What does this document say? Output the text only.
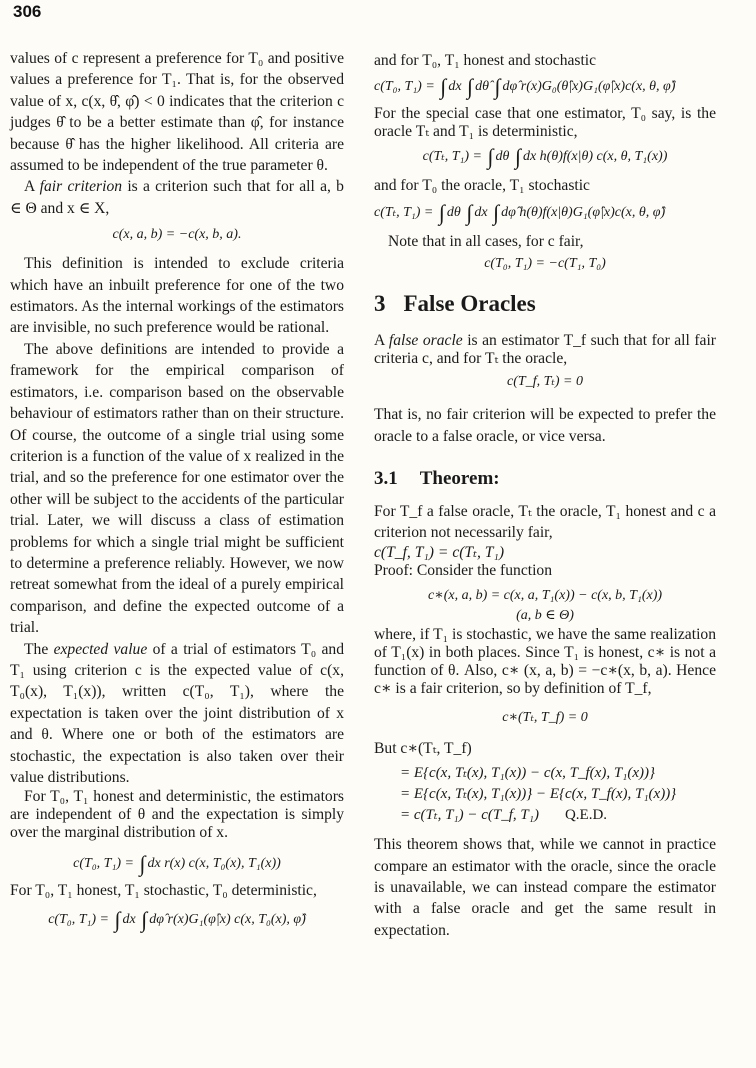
306

values of c represent a preference for T₀ and positive values a preference for T₁. That is, for the observed value of x, c(x, θ̂, φ̂) < 0 indicates that the criterion c judges θ̂ to be a better estimate than φ̂, for instance because θ̂ has the higher likelihood. All criteria are assumed to be independent of the true parameter θ.

A fair criterion is a criterion such that for all a, b ∈ Θ and x ∈ X,

c(x, a, b) = −c(x, b, a).

This definition is intended to exclude criteria which have an inbuilt preference for one of the two estimators. As the internal workings of the estimators are invisible, no such preference would be rational.

The above definitions are intended to provide a framework for the empirical comparison of estimators, i.e. comparison based on the observable behaviour of estimators rather than on their structure. Of course, the outcome of a single trial using some criterion is a function of the value of x realized in the trial, and so the preference for one estimator over the other will be subject to the accidents of the particular trial. Later, we will discuss a class of estimation problems for which a single trial might be sufficient to determine a preference reliably. However, we now retreat somewhat from the ideal of a purely empirical comparison, and define the expected outcome of a trial.

The expected value of a trial of estimators T₀ and T₁ using criterion c is the expected value of c(x, T₀(x), T₁(x)), written c(T₀, T₁), where the expectation is taken over the joint distribution of x and θ. Where one or both of the estimators are stochastic, the expectation is also taken over their value distributions.

For T₀, T₁ honest and deterministic, the estimators are independent of θ and the expectation is simply over the marginal distribution of x.

c(T₀, T₁) = ∫ dx r(x) c(x, T₀(x), T₁(x))

For T₀, T₁ honest, T₁ stochastic, T₀ deterministic,

c(T₀, T₁) = ∫ dx ∫ dφ̂ r(x)G₁(φ̂|x) c(x, T₀(x), φ̂)

and for T₀, T₁ honest and stochastic

c(T₀, T₁) = ∫ dx ∫ dθ̂ ∫ dφ̂ r(x)G₀(θ̂|x)G₁(φ̂|x)c(x, θ, φ̂)

For the special case that one estimator, T₀ say, is the oracle Tₜ and T₁ is deterministic,

c(Tₜ, T₁) = ∫ dθ ∫ dx h(θ)f(x|θ) c(x, θ, T₁(x))

and for T₀ the oracle, T₁ stochastic

c(Tₜ, T₁) = ∫ dθ ∫ dx ∫ dφ̂ h(θ)f(x|θ)G₁(φ̂|x)c(x, θ, φ̂)

Note that in all cases, for c fair,

c(T₀, T₁) = −c(T₁, T₀)
3 False Oracles

A false oracle is an estimator T_f such that for all fair criteria c, and for Tₜ the oracle,

c(T_f, Tₜ) = 0

That is, no fair criterion will be expected to prefer the oracle to a false oracle, or vice versa.

3.1 Theorem:

For T_f a false oracle, Tₜ the oracle, T₁ honest and c a criterion not necessarily fair,

c(T_f, T₁) = c(Tₜ, T₁)

Proof: Consider the function

c∗(x, a, b) = c(x, a, T₁(x)) − c(x, b, T₁(x))
(a, b ∈ Θ)

where, if T₁ is stochastic, we have the same realization of T₁(x) in both places. Since T₁ is honest, c∗ is not a function of θ. Also, c∗ (x, a, b) = −c∗(x, b, a). Hence c∗ is a fair criterion, so by definition of T_f,

c∗(Tₜ, T_f) = 0

But c∗(Tₜ, T_f)

= E{c(x, Tₜ(x), T₁(x)) − c(x, T_f(x), T₁(x))}
= E{c(x, Tₜ(x), T₁(x))} − E{c(x, T_f(x), T₁(x))}
= c(Tₜ, T₁) − c(T_f, T₁) Q.E.D.

This theorem shows that, while we cannot in practice compare an estimator with the oracle, since the oracle is unavailable, we can instead compare the estimator with a false oracle and get the same result in expectation.
